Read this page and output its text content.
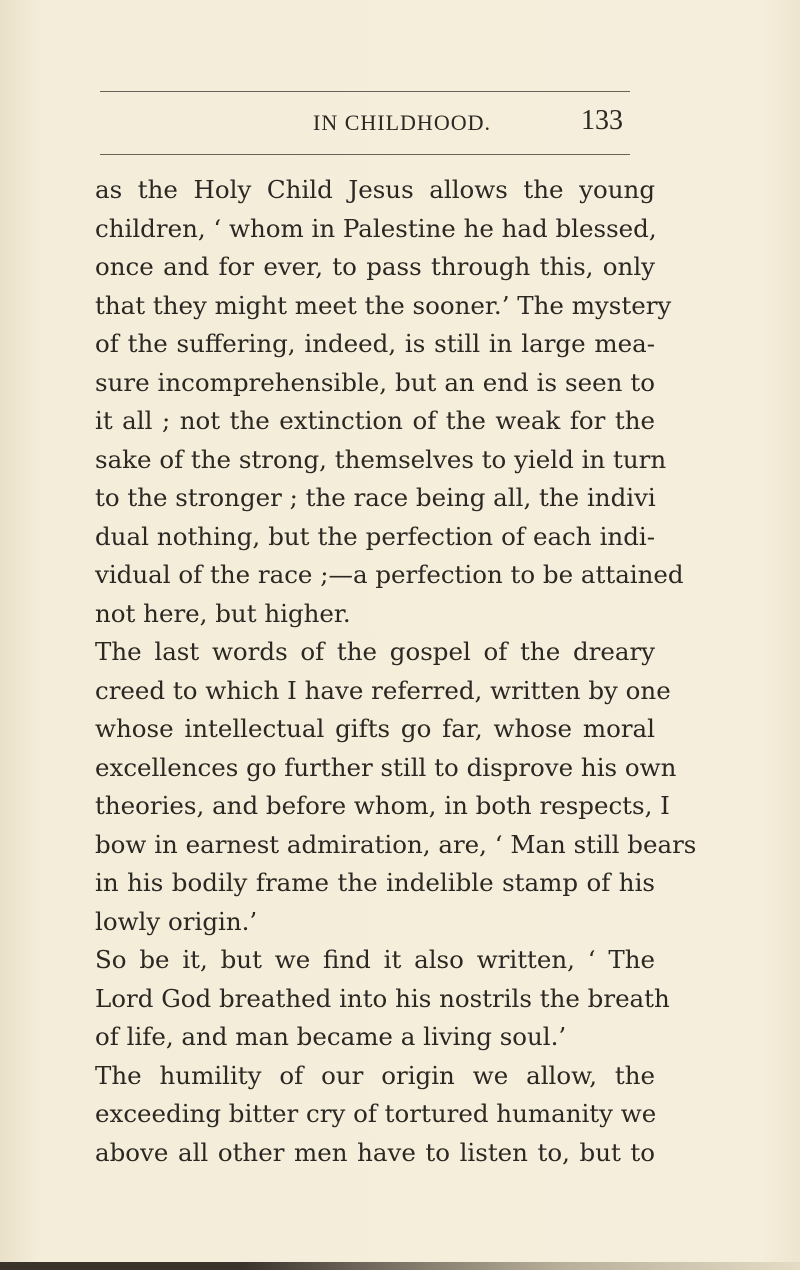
IN CHILDHOOD.	133
as the Holy Child Jesus allows the young
children, ‘ whom in Palestine he had blessed,
once and for ever, to pass through this, only
that they might meet the sooner.’ The mystery
of the suffering, indeed, is still in large mea-
sure incomprehensible, but an end is seen to
it all ; not the extinction of the weak for the
sake of the strong, themselves to yield in turn
to the stronger ; the race being all, the indivi
dual nothing, but the perfection of each indi-
vidual of the race ;—a perfection to be attained
not here, but higher.
The last words of the gospel of the dreary
creed to which I have referred, written by one
whose intellectual gifts go far, whose moral
excellences go further still to disprove his own
theories, and before whom, in both respects, I
bow in earnest admiration, are, ‘ Man still bears
in his bodily frame the indelible stamp of his
lowly origin.’
So be it, but we find it also written, ‘ The
Lord God breathed into his nostrils the breath
of life, and man became a living soul.’
The humility of our origin we allow, the
exceeding bitter cry of tortured humanity we
above all other men have to listen to, but to
